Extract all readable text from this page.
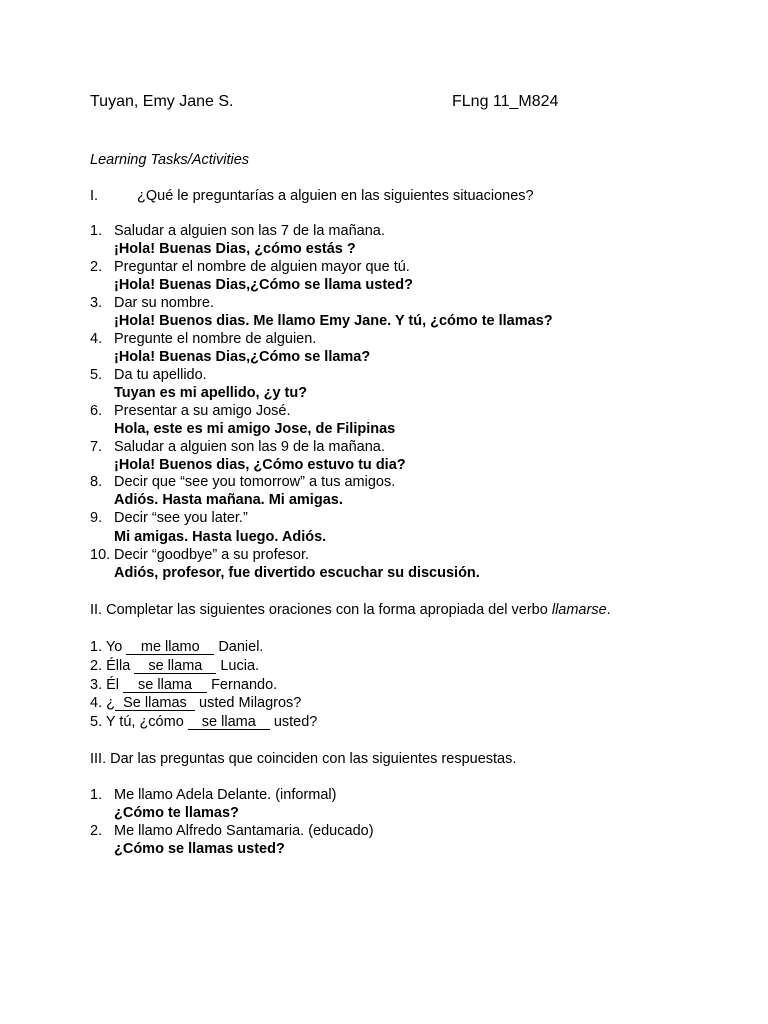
Tuyan, Emy Jane S.	FLng 11_M824
Learning Tasks/Activities
I.	¿Qué le preguntarías a alguien en las siguientes situaciones?
1. Saludar a alguien son las 7 de la mañana.
¡Hola! Buenas Dias, ¿cómo estás ?
2. Preguntar el nombre de alguien mayor que tú.
¡Hola! Buenas Dias,¿Cómo se llama usted?
3. Dar su nombre.
¡Hola! Buenos dias. Me llamo Emy Jane. Y tú, ¿cómo te llamas?
4. Pregunte el nombre de alguien.
¡Hola! Buenas Dias,¿Cómo se llama?
5. Da tu apellido.
Tuyan es mi apellido, ¿y tu?
6. Presentar a su amigo José.
Hola, este es mi amigo Jose, de Filipinas
7. Saludar a alguien son las 9 de la mañana.
¡Hola! Buenos dias, ¿Cómo estuvo tu dia?
8. Decir que “see you tomorrow” a tus amigos.
Adiós. Hasta mañana. Mi amigas.
9. Decir “see you later.”
Mi amigas. Hasta luego. Adiós.
10. Decir “goodbye” a su profesor.
Adiós, profesor, fue divertido escuchar su discusión.
II. Completar las siguientes oraciones con la forma apropiada del verbo llamarse.
1. Yo me llamo Daniel.
2. Élla se llama Lucia.
3. Él se llama Fernando.
4. ¿ Se llamas usted Milagros?
5. Y tú, ¿cómo se llama usted?
III. Dar las preguntas que coinciden con las siguientes respuestas.
1. Me llamo Adela Delante. (informal)
¿Cómo te llamas?
2. Me llamo Alfredo Santamaria. (educado)
¿Cómo se llamas usted?
